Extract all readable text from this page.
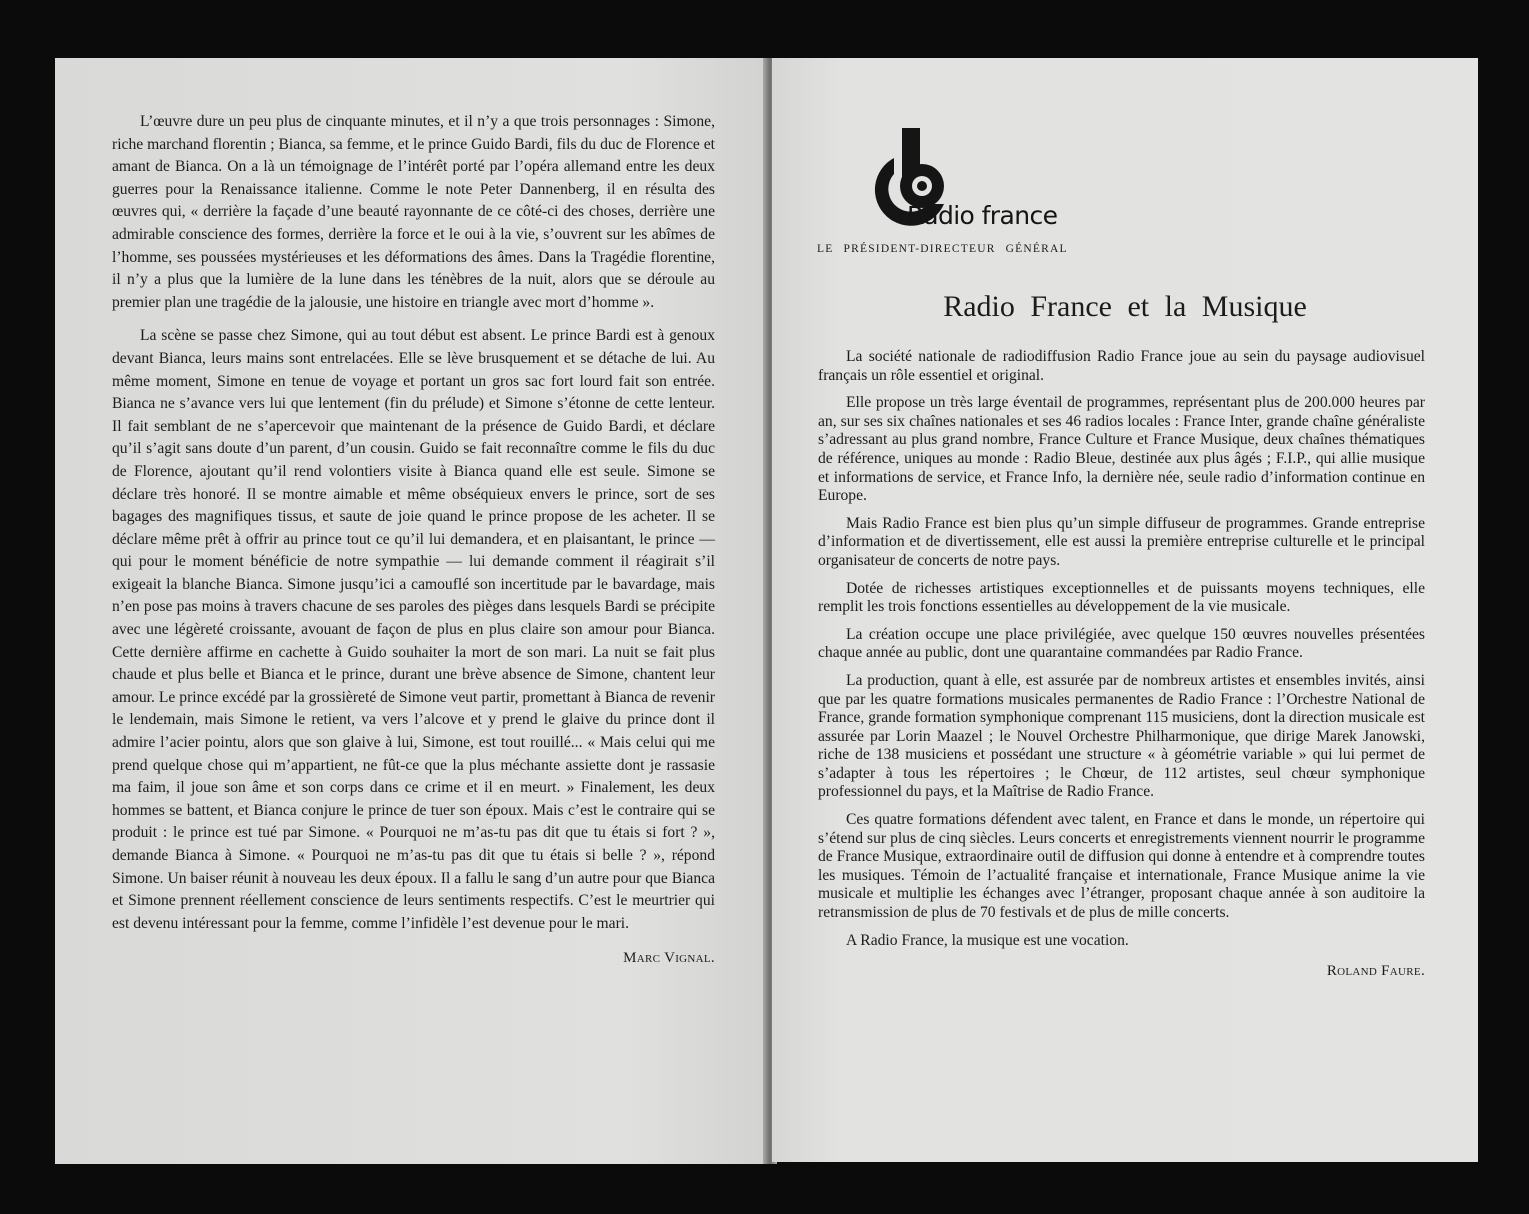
L’œuvre dure un peu plus de cinquante minutes, et il n’y a que trois personnages : Simone, riche marchand florentin ; Bianca, sa femme, et le prince Guido Bardi, fils du duc de Florence et amant de Bianca. On a là un témoignage de l’intérêt porté par l’opéra allemand entre les deux guerres pour la Renaissance italienne. Comme le note Peter Dannenberg, il en résulta des œuvres qui, « derrière la façade d’une beauté rayonnante de ce côté-ci des choses, derrière une admirable conscience des formes, derrière la force et le oui à la vie, s’ouvrent sur les abîmes de l’homme, ses poussées mystérieuses et les déformations des âmes. Dans la Tragédie florentine, il n’y a plus que la lumière de la lune dans les ténèbres de la nuit, alors que se déroule au premier plan une tragédie de la jalousie, une histoire en triangle avec mort d’homme ».

La scène se passe chez Simone, qui au tout début est absent. Le prince Bardi est à genoux devant Bianca, leurs mains sont entrelacées. Elle se lève brusquement et se détache de lui. Au même moment, Simone en tenue de voyage et portant un gros sac fort lourd fait son entrée. Bianca ne s’avance vers lui que lentement (fin du prélude) et Simone s’étonne de cette lenteur. Il fait semblant de ne s’apercevoir que maintenant de la présence de Guido Bardi, et déclare qu’il s’agit sans doute d’un parent, d’un cousin. Guido se fait reconnaître comme le fils du duc de Florence, ajoutant qu’il rend volontiers visite à Bianca quand elle est seule. Simone se déclare très honoré. Il se montre aimable et même obséquieux envers le prince, sort de ses bagages des magnifiques tissus, et saute de joie quand le prince propose de les acheter. Il se déclare même prêt à offrir au prince tout ce qu’il lui demandera, et en plaisantant, le prince — qui pour le moment bénéficie de notre sympathie — lui demande comment il réagirait s’il exigeait la blanche Bianca. Simone jusqu’ici a camouflé son incertitude par le bavardage, mais n’en pose pas moins à travers chacune de ses paroles des pièges dans lesquels Bardi se précipite avec une légèreté croissante, avouant de façon de plus en plus claire son amour pour Bianca. Cette dernière affirme en cachette à Guido souhaiter la mort de son mari. La nuit se fait plus chaude et plus belle et Bianca et le prince, durant une brève absence de Simone, chantent leur amour. Le prince excédé par la grossièreté de Simone veut partir, promettant à Bianca de revenir le lendemain, mais Simone le retient, va vers l’alcove et y prend le glaive du prince dont il admire l’acier pointu, alors que son glaive à lui, Simone, est tout rouillé... « Mais celui qui me prend quelque chose qui m’appartient, ne fût-ce que la plus méchante assiette dont je rassasie ma faim, il joue son âme et son corps dans ce crime et il en meurt. » Finalement, les deux hommes se battent, et Bianca conjure le prince de tuer son époux. Mais c’est le contraire qui se produit : le prince est tué par Simone. « Pourquoi ne m’as-tu pas dit que tu étais si fort ? », demande Bianca à Simone. « Pourquoi ne m’as-tu pas dit que tu étais si belle ? », répond Simone. Un baiser réunit à nouveau les deux époux. Il a fallu le sang d’un autre pour que Bianca et Simone prennent réellement conscience de leurs sentiments respectifs. C’est le meurtrier qui est devenu intéressant pour la femme, comme l’infidèle l’est devenue pour le mari.

Marc Vignal.
Radio france
LE PRÉSIDENT-DIRECTEUR GÉNÉRAL
Radio France et la Musique

La société nationale de radiodiffusion Radio France joue au sein du paysage audiovisuel français un rôle essentiel et original.

Elle propose un très large éventail de programmes, représentant plus de 200.000 heures par an, sur ses six chaînes nationales et ses 46 radios locales : France Inter, grande chaîne généraliste s’adressant au plus grand nombre, France Culture et France Musique, deux chaînes thématiques de référence, uniques au monde : Radio Bleue, destinée aux plus âgés ; F.I.P., qui allie musique et informations de service, et France Info, la dernière née, seule radio d’information continue en Europe.

Mais Radio France est bien plus qu’un simple diffuseur de programmes. Grande entreprise d’information et de divertissement, elle est aussi la première entreprise culturelle et le principal organisateur de concerts de notre pays.

Dotée de richesses artistiques exceptionnelles et de puissants moyens techniques, elle remplit les trois fonctions essentielles au développement de la vie musicale.

La création occupe une place privilégiée, avec quelque 150 œuvres nouvelles présentées chaque année au public, dont une quarantaine commandées par Radio France.

La production, quant à elle, est assurée par de nombreux artistes et ensembles invités, ainsi que par les quatre formations musicales permanentes de Radio France : l’Orchestre National de France, grande formation symphonique comprenant 115 musiciens, dont la direction musicale est assurée par Lorin Maazel ; le Nouvel Orchestre Philharmonique, que dirige Marek Janowski, riche de 138 musiciens et possédant une structure « à géométrie variable » qui lui permet de s’adapter à tous les répertoires ; le Chœur, de 112 artistes, seul chœur symphonique professionnel du pays, et la Maîtrise de Radio France.

Ces quatre formations défendent avec talent, en France et dans le monde, un répertoire qui s’étend sur plus de cinq siècles. Leurs concerts et enregistrements viennent nourrir le programme de France Musique, extraordinaire outil de diffusion qui donne à entendre et à comprendre toutes les musiques. Témoin de l’actualité française et internationale, France Musique anime la vie musicale et multiplie les échanges avec l’étranger, proposant chaque année à son auditoire la retransmission de plus de 70 festivals et de plus de mille concerts.

A Radio France, la musique est une vocation.

Roland Faure.
